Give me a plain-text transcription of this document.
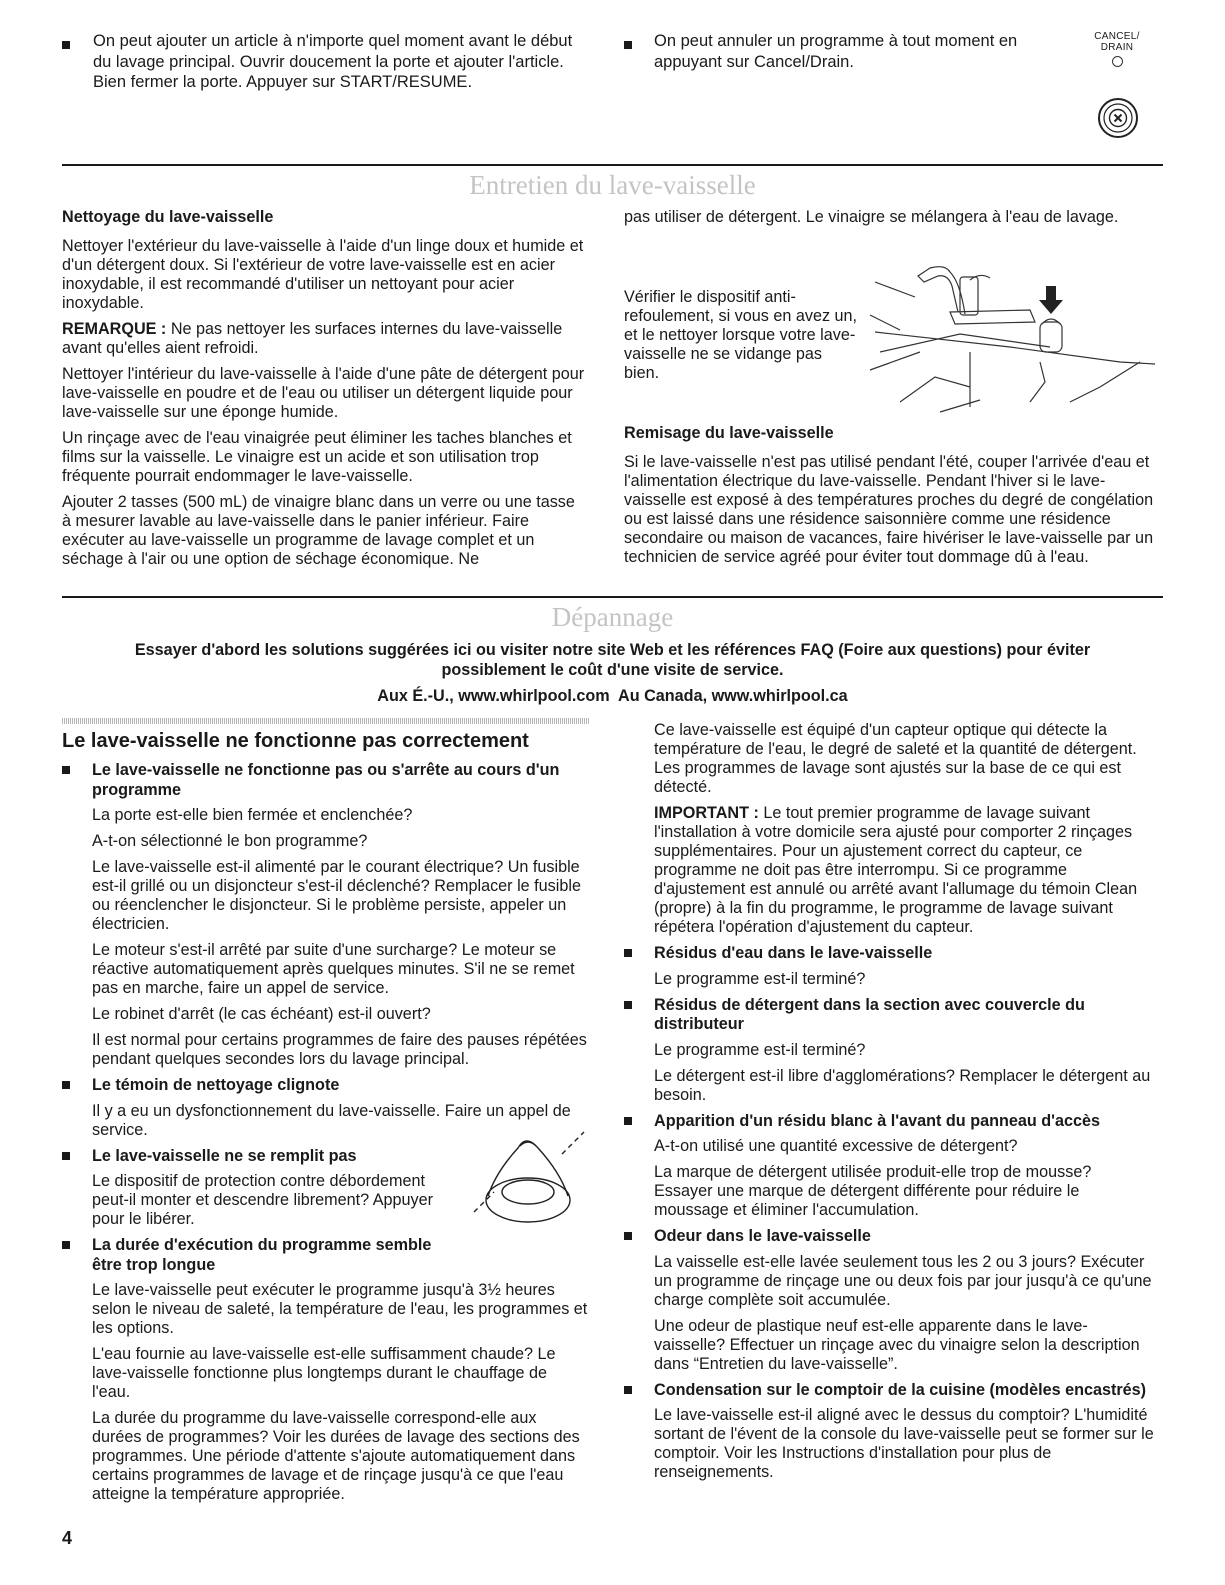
On peut ajouter un article à n'importe quel moment avant le début du lavage principal. Ouvrir doucement la porte et ajouter l'article. Bien fermer la porte. Appuyer sur START/RESUME.
On peut annuler un programme à tout moment en appuyant sur Cancel/Drain.
CANCEL/
DRAIN
Entretien du lave-vaisselle

Nettoyage du lave-vaisselle

Nettoyer l'extérieur du lave-vaisselle à l'aide d'un linge doux et humide et d'un détergent doux. Si l'extérieur de votre lave-vaisselle est en acier inoxydable, il est recommandé d'utiliser un nettoyant pour acier inoxydable.

REMARQUE : Ne pas nettoyer les surfaces internes du lave-vaisselle avant qu'elles aient refroidi.

Nettoyer l'intérieur du lave-vaisselle à l'aide d'une pâte de détergent pour lave-vaisselle en poudre et de l'eau ou utiliser un détergent liquide pour lave-vaisselle sur une éponge humide.

Un rinçage avec de l'eau vinaigrée peut éliminer les taches blanches et films sur la vaisselle. Le vinaigre est un acide et son utilisation trop fréquente pourrait endommager le lave-vaisselle.

Ajouter 2 tasses (500 mL) de vinaigre blanc dans un verre ou une tasse à mesurer lavable au lave-vaisselle dans le panier inférieur. Faire exécuter au lave-vaisselle un programme de lavage complet et un séchage à l'air ou une option de séchage économique. Ne

pas utiliser de détergent. Le vinaigre se mélangera à l'eau de lavage.
Vérifier le dispositif anti-refoulement, si vous en avez un, et le nettoyer lorsque votre lave-vaisselle ne se vidange pas bien.

Remisage du lave-vaisselle

Si le lave-vaisselle n'est pas utilisé pendant l'été, couper l'arrivée d'eau et l'alimentation électrique du lave-vaisselle. Pendant l'hiver si le lave-vaisselle est exposé à des températures proches du degré de congélation ou est laissé dans une résidence saisonnière comme une résidence secondaire ou maison de vacances, faire hivériser le lave-vaisselle par un technicien de service agréé pour éviter tout dommage dû à l'eau.

Dépannage
Essayer d'abord les solutions suggérées ici ou visiter notre site Web et les références FAQ (Foire aux questions) pour éviter
possiblement le coût d'une visite de service.
Aux É.-U., www.whirlpool.com  Au Canada, www.whirlpool.ca
Le lave-vaisselle ne fonctionne pas correctement

Le lave-vaisselle ne fonctionne pas ou s'arrête au cours d'un programme

La porte est-elle bien fermée et enclenchée?

A-t-on sélectionné le bon programme?

Le lave-vaisselle est-il alimenté par le courant électrique? Un fusible est-il grillé ou un disjoncteur s'est-il déclenché? Remplacer le fusible ou réenclencher le disjoncteur. Si le problème persiste, appeler un électricien.

Le moteur s'est-il arrêté par suite d'une surcharge? Le moteur se réactive automatiquement après quelques minutes. S'il ne se remet pas en marche, faire un appel de service.

Le robinet d'arrêt (le cas échéant) est-il ouvert?

Il est normal pour certains programmes de faire des pauses répétées pendant quelques secondes lors du lavage principal.

Le témoin de nettoyage clignote

Il y a eu un dysfonctionnement du lave-vaisselle. Faire un appel de service.

Le lave-vaisselle ne se remplit pas

Le dispositif de protection contre débordement peut-il monter et descendre librement? Appuyer pour le libérer.

La durée d'exécution du programme semble être trop longue

Le lave-vaisselle peut exécuter le programme jusqu'à 3½ heures selon le niveau de saleté, la température de l'eau, les programmes et les options.

L'eau fournie au lave-vaisselle est-elle suffisamment chaude? Le lave-vaisselle fonctionne plus longtemps durant le chauffage de l'eau.

La durée du programme du lave-vaisselle correspond-elle aux durées de programmes? Voir les durées de lavage des sections des programmes. Une période d'attente s'ajoute automatiquement dans certains programmes de lavage et de rinçage jusqu'à ce que l'eau atteigne la température appropriée.

Ce lave-vaisselle est équipé d'un capteur optique qui détecte la température de l'eau, le degré de saleté et la quantité de détergent. Les programmes de lavage sont ajustés sur la base de ce qui est détecté.

IMPORTANT : Le tout premier programme de lavage suivant l'installation à votre domicile sera ajusté pour comporter 2 rinçages supplémentaires. Pour un ajustement correct du capteur, ce programme ne doit pas être interrompu. Si ce programme d'ajustement est annulé ou arrêté avant l'allumage du témoin Clean (propre) à la fin du programme, le programme de lavage suivant répétera l'opération d'ajustement du capteur.

Résidus d'eau dans le lave-vaisselle

Le programme est-il terminé?

Résidus de détergent dans la section avec couvercle du distributeur

Le programme est-il terminé?

Le détergent est-il libre d'agglomérations? Remplacer le détergent au besoin.

Apparition d'un résidu blanc à l'avant du panneau d'accès

A-t-on utilisé une quantité excessive de détergent?

La marque de détergent utilisée produit-elle trop de mousse? Essayer une marque de détergent différente pour réduire le moussage et éliminer l'accumulation.

Odeur dans le lave-vaisselle

La vaisselle est-elle lavée seulement tous les 2 ou 3 jours? Exécuter un programme de rinçage une ou deux fois par jour jusqu'à ce qu'une charge complète soit accumulée.

Une odeur de plastique neuf est-elle apparente dans le lave-vaisselle? Effectuer un rinçage avec du vinaigre selon la description dans “Entretien du lave-vaisselle”.

Condensation sur le comptoir de la cuisine (modèles encastrés)

Le lave-vaisselle est-il aligné avec le dessus du comptoir? L'humidité sortant de l'évent de la console du lave-vaisselle peut se former sur le comptoir. Voir les Instructions d'installation pour plus de renseignements.

4
